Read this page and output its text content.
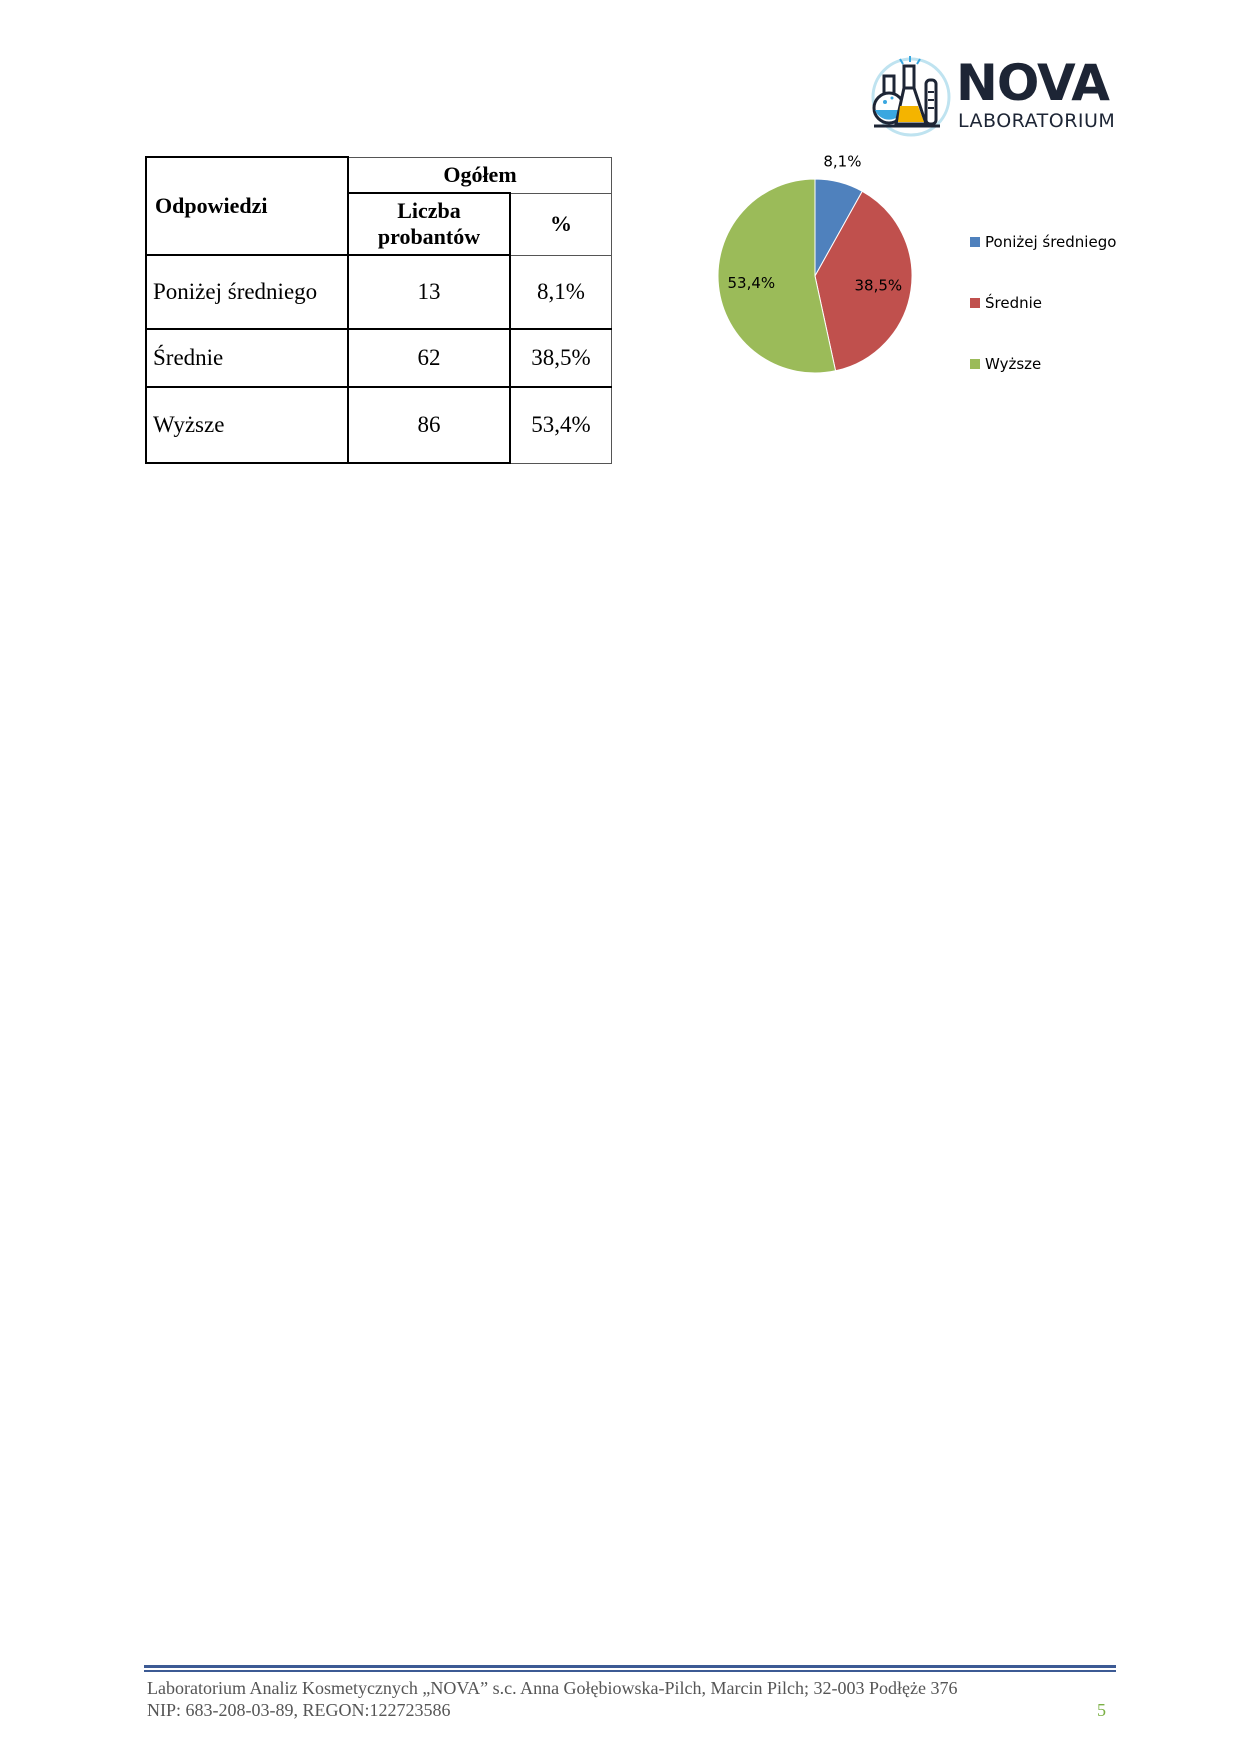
NOVA
LABORATORIUM
Odpowiedzi	Ogółem	
	Liczba probantów	%
Poniżej średniego	13	8,1%
Średnie	62	38,5%
Wyższe	86	53,4%
8,1%
38,5%
53,4%
Poniżej średniego
Średnie
Wyższe
Laboratorium Analiz Kosmetycznych „NOVA” s.c. Anna Gołębiowska-Pilch, Marcin Pilch; 32-003 Podłęże 376
NIP: 683-208-03-89, REGON:122723586	5
